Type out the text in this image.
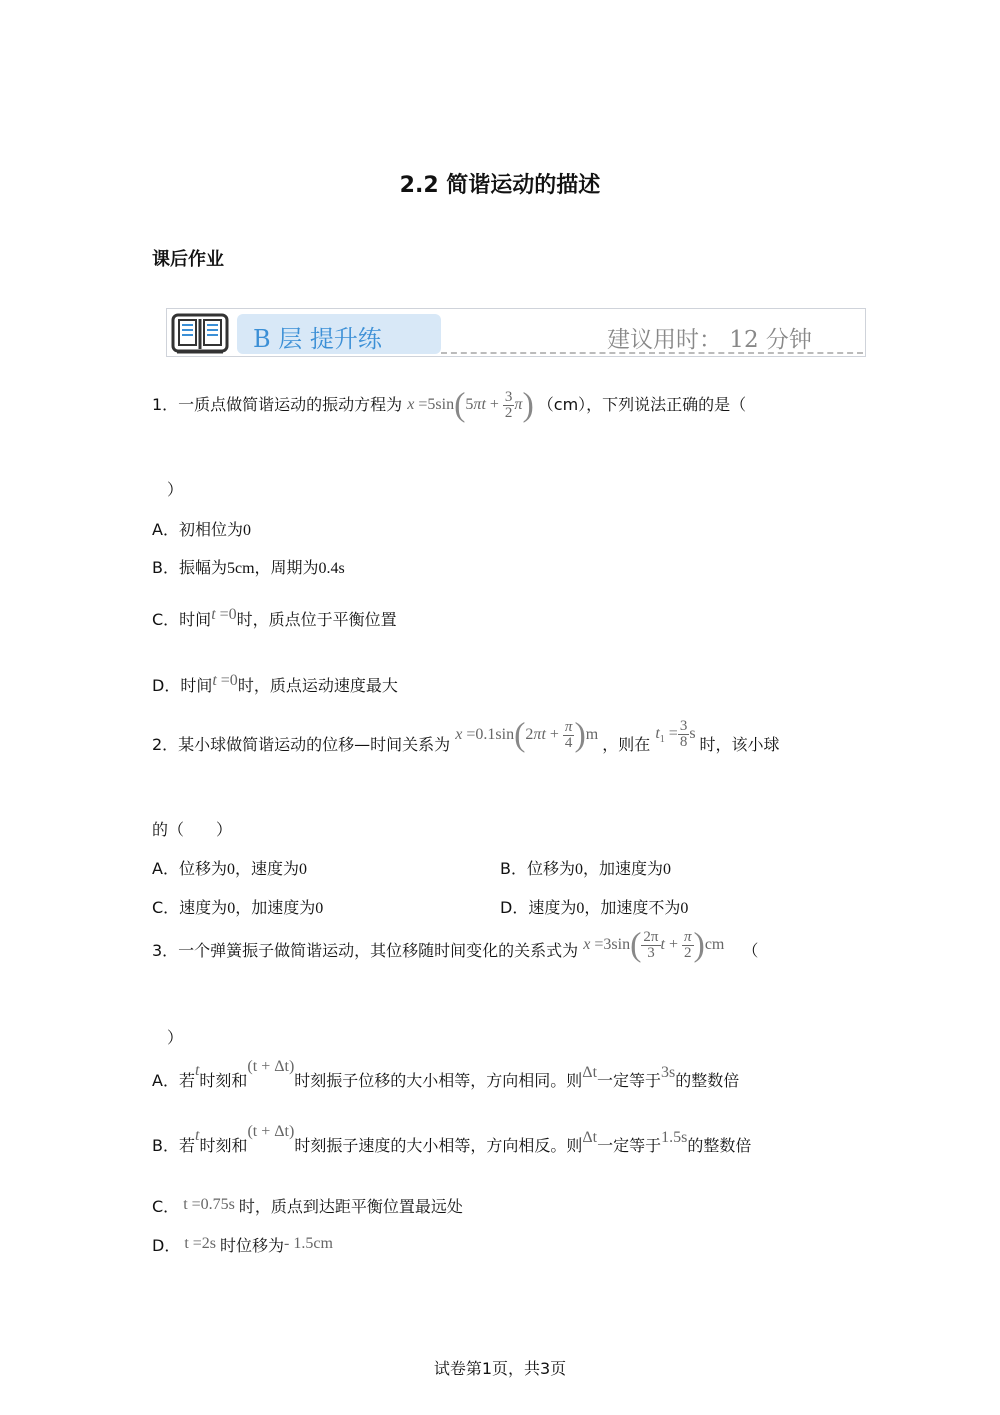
2.2 简谐运动的描述
课后作业
B 层 提升练	建议用时： 12 分钟
1．一质点做简谐运动的振动方程为 $x =5\sin(5\pi t + \frac{3}{2} \pi)$ （cm），下列说法正确的是（
）
A．初相位为0
B．振幅为5cm，周期为0.4s
C．时间t =0时，质点位于平衡位置
D．时间t =0时，质点运动速度最大
2．某小球做简谐运动的位移—时间关系为 $x =0.1\sin(2\pi t + \frac{\pi}{4} )m$ ，则在 $t_1 = \frac{3}{8}$ s 时，该小球
的（　　）
A．位移为0，速度为0	B．位移为0，加速度为0
C．速度为0，加速度为0	D．速度为0，加速度不为0
3．一个弹簧振子做简谐运动，其位移随时间变化的关系式为 $x =3\sin( \frac{2\pi}{3}$ $t + \frac{\pi}{2} )cm$ （
）
A．若t时刻和(t + Δt)时刻振子位移的大小相等，方向相同。则Δt一定等于3s的整数倍
B．若t时刻和(t + Δt)时刻振子速度的大小相等，方向相反。则Δt一定等于1.5s的整数倍
C． t =0.75s 时，质点到达距平衡位置最远处
D． t =2s 时位移为- 1.5cm
试卷第1页，共3页
